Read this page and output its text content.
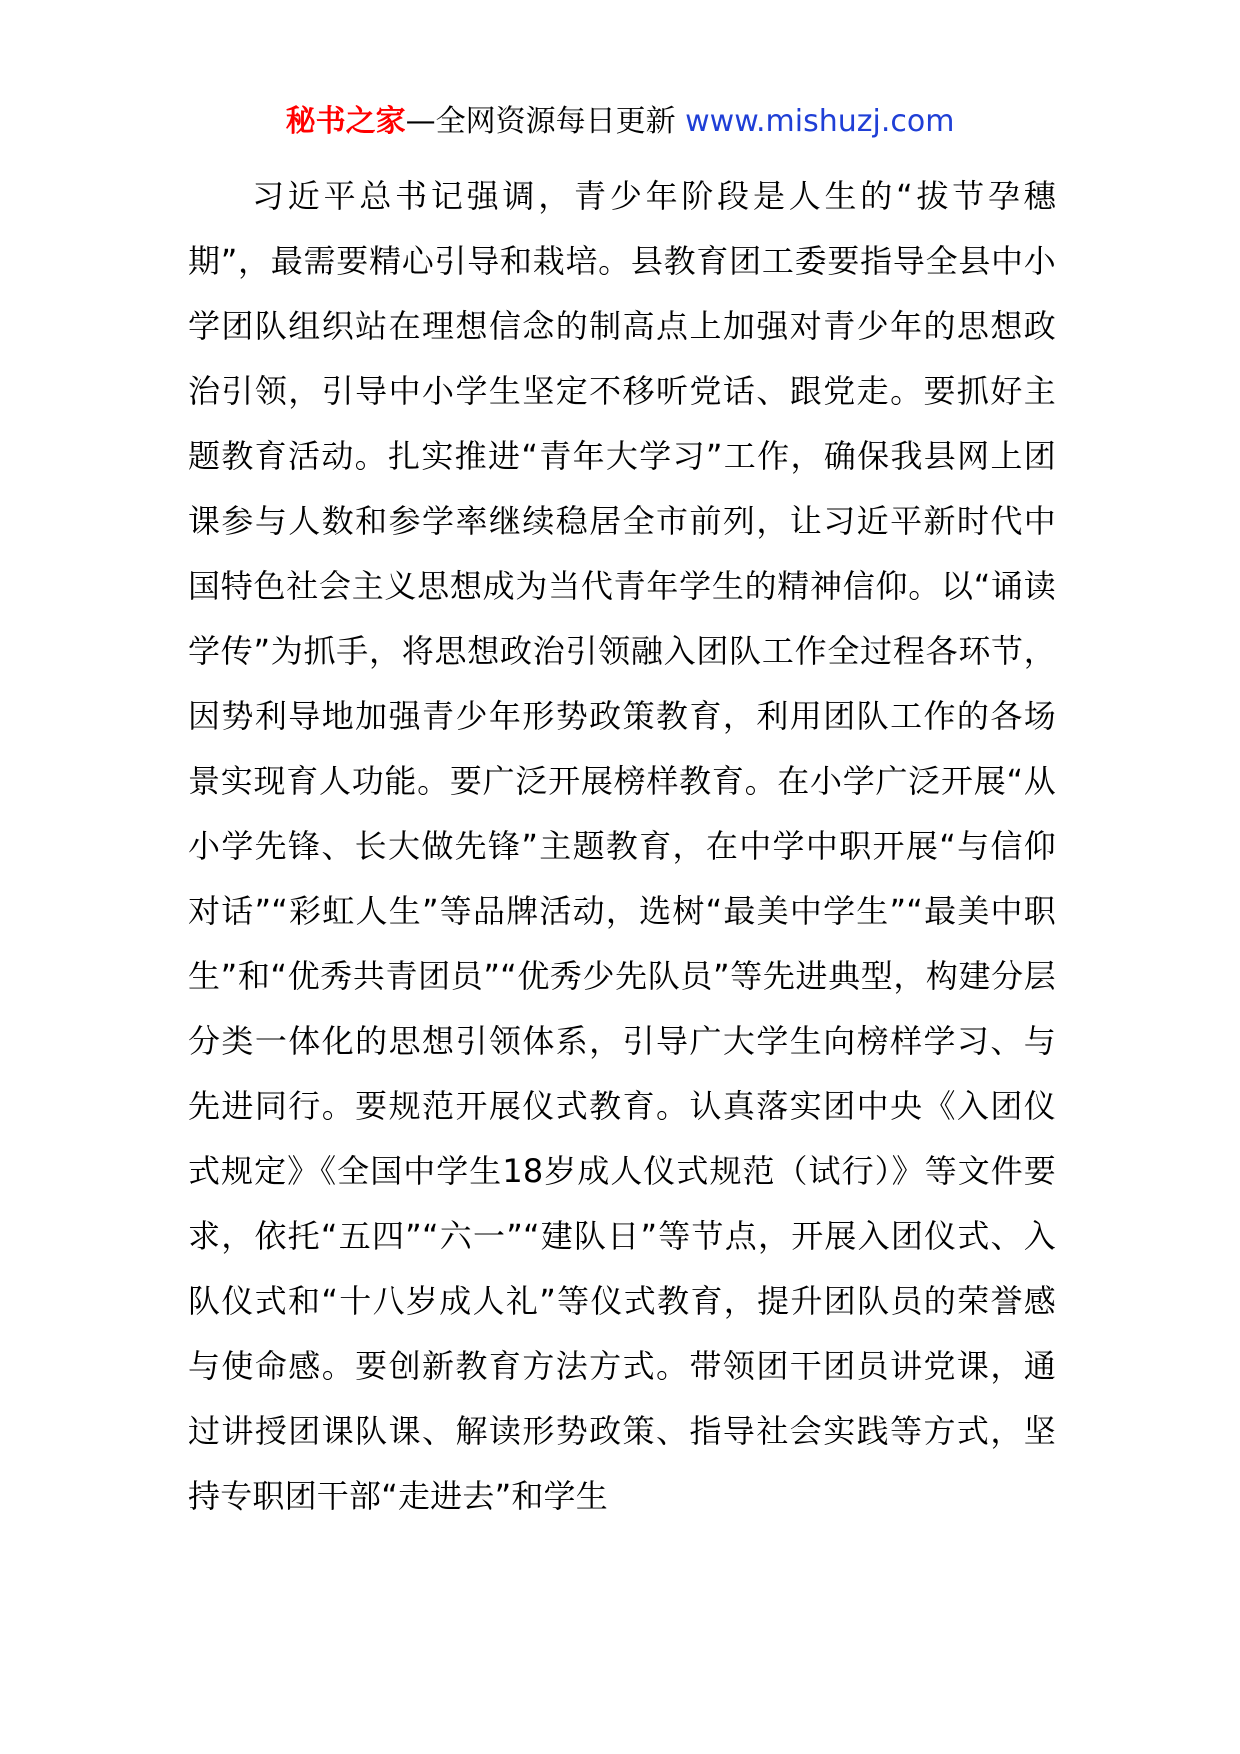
秘书之家—全网资源每日更新 www.mishuzj.com

习近平总书记强调，青少年阶段是人生的“拔节孕穗期”，最需要精心引导和栽培。县教育团工委要指导全县中小学团队组织站在理想信念的制高点上加强对青少年的思想政治引领，引导中小学生坚定不移听党话、跟党走。要抓好主题教育活动。扎实推进“青年大学习”工作，确保我县网上团课参与人数和参学率继续稳居全市前列，让习近平新时代中国特色社会主义思想成为当代青年学生的精神信仰。以“诵读学传”为抓手，将思想政治引领融入团队工作全过程各环节，因势利导地加强青少年形势政策教育，利用团队工作的各场景实现育人功能。要广泛开展榜样教育。在小学广泛开展“从小学先锋、长大做先锋”主题教育，在中学中职开展“与信仰对话”“彩虹人生”等品牌活动，选树“最美中学生”“最美中职生”和“优秀共青团员”“优秀少先队员”等先进典型，构建分层分类一体化的思想引领体系，引导广大学生向榜样学习、与先进同行。要规范开展仪式教育。认真落实团中央《入团仪式规定》《全国中学生18岁成人仪式规范（试行）》等文件要求，依托“五四”“六一”“建队日”等节点，开展入团仪式、入队仪式和“十八岁成人礼”等仪式教育，提升团队员的荣誉感与使命感。要创新教育方法方式。带领团干团员讲党课，通过讲授团课队课、解读形势政策、指导社会实践等方式，坚持专职团干部“走进去”和学生
